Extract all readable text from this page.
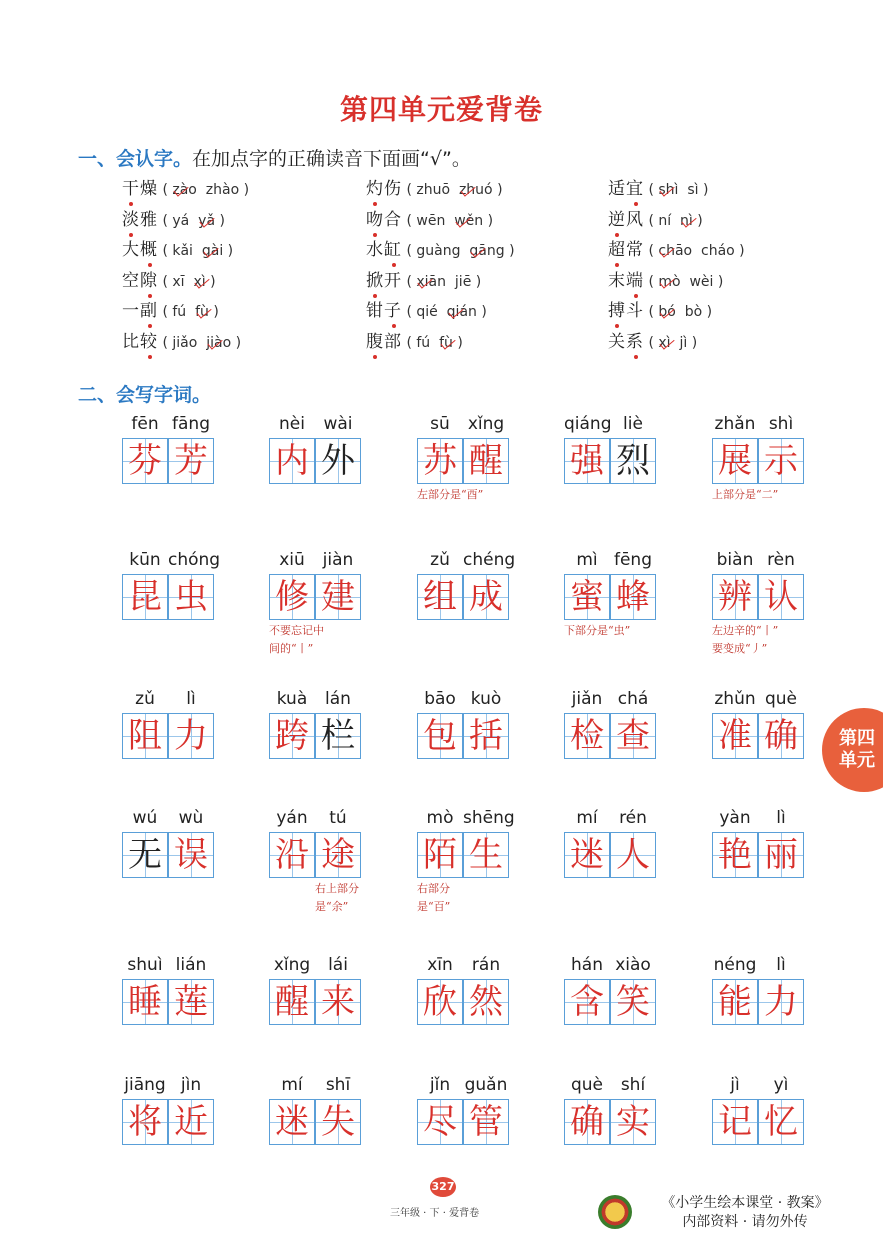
第四单元爱背卷
一、会认字。在加点字的正确读音下面画“√”。
干燥
( zào zhào )
淡雅
( yá yǎ )
大概
( kǎi gài )
空隙
( xī xì )
一副
( fú fù )
比较
( jiǎo jiào )
灼伤
( zhuō zhuó )
吻合
( wēn wěn )
水缸
( guàng gāng )
掀开
( xiān jiē )
钳子
( qié qián )
腹部
( fú fù )
适宜
( shì sì )
逆风
( ní nì )
超常
( chāo cháo )
末端
( mò wèi )
搏斗
( bó bò )
关系
( xì jì )
二、会写字词。
fēn
芬
fāng
芳
nèi
内
wài
外
sū
苏
xǐng
醒
左部分是“酉”
qiáng
强
liè
烈
zhǎn
展
shì
示
上部分是“二”
kūn
昆
chóng
虫
xiū
修
jiàn
建
不要忘记中
间的“丨”
zǔ
组
chéng
成
mì
蜜
fēng
蜂
下部分是“虫”
biàn
辨
rèn
认
左边辛的“丨”
要变成“丿”
zǔ
阻
lì
力
kuà
跨
lán
栏
bāo
包
kuò
括
jiǎn
检
chá
查
zhǔn
准
què
确
wú
无
wù
误
yán
沿
tú
途
右上部分
是“余”
mò
陌
shēng
生
右部分
是“百”
mí
迷
rén
人
yàn
艳
lì
丽
shuì
睡
lián
莲
xǐng
醒
lái
来
xīn
欣
rán
然
hán
含
xiào
笑
néng
能
lì
力
jiāng
将
jìn
近
mí
迷
shī
失
jǐn
尽
guǎn
管
què
确
shí
实
jì
记
yì
忆
第四
单元
327
三年级 · 下 · 爱背卷
《小学生绘本课堂 · 教案》
内部资料 · 请勿外传
